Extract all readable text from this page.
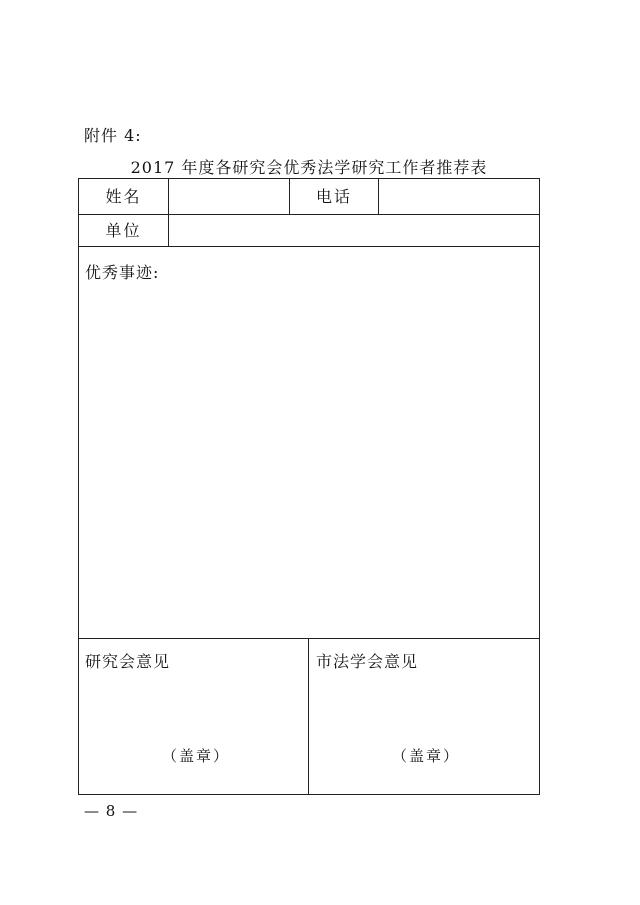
附件 4:
2017 年度各研究会优秀法学研究工作者推荐表
姓名	电话
单位
优秀事迹:
研究会意见
（盖章）
市法学会意见
（盖章）
— 8 —
